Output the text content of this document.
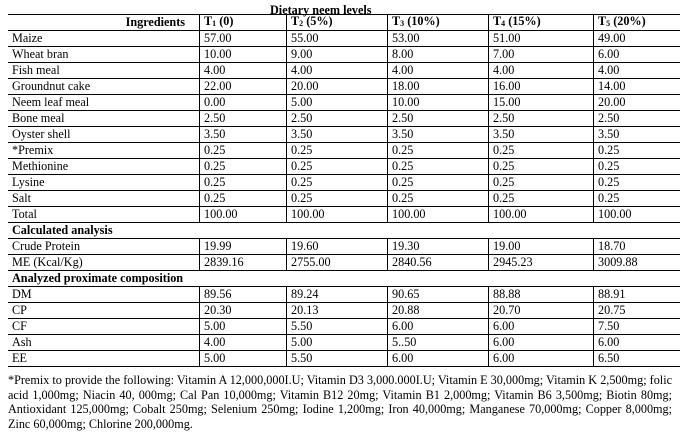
Dietary neem levels
Ingredients	$T_1$ (0)	$T_2$ (5%)	$T_3$ (10%)	$T_4$ (15%)	$T_5$ (20%)
Maize	57.00	55.00	53.00	51.00	49.00
Wheat bran	10.00	9.00	8.00	7.00	6.00
Fish meal	4.00	4.00	4.00	4.00	4.00
Groundnut cake	22.00	20.00	18.00	16.00	14.00
Neem leaf meal	0.00	5.00	10.00	15.00	20.00
Bone meal	2.50	2.50	2.50	2.50	2.50
Oyster shell	3.50	3.50	3.50	3.50	3.50
*Premix	0.25	0.25	0.25	0.25	0.25
Methionine	0.25	0.25	0.25	0.25	0.25
Lysine	0.25	0.25	0.25	0.25	0.25
Salt	0.25	0.25	0.25	0.25	0.25
Total	100.00	100.00	100.00	100.00	100.00
Calculated analysis					
Crude Protein	19.99	19.60	19.30	19.00	18.70
ME (Kcal/Kg)	2839.16	2755.00	2840.56	2945.23	3009.88
Analyzed proximate composition					
DM	89.56	89.24	90.65	88.88	88.91
CP	20.30	20.13	20.88	20.70	20.75
CF	5.00	5.50	6.00	6.00	7.50
Ash	4.00	5.00	5..50	6.00	6.00
EE	5.00	5.50	6.00	6.00	6.50
*Premix to provide the following: Vitamin A 12,000,000I.U; Vitamin D3 3,000.000I.U; Vitamin E 30,000mg; Vitamin K 2,500mg; folic acid 1,000mg; Niacin 40, 000mg; Cal Pan 10,000mg; Vitamin B12 20mg; Vitamin B1 2,000mg; Vitamin B6 3,500mg; Biotin 80mg; Antioxidant 125,000mg; Cobalt 250mg; Selenium 250mg; Iodine 1,200mg; Iron 40,000mg; Manganese 70,000mg; Copper 8,000mg; Zinc 60,000mg; Chlorine 200,000mg.
